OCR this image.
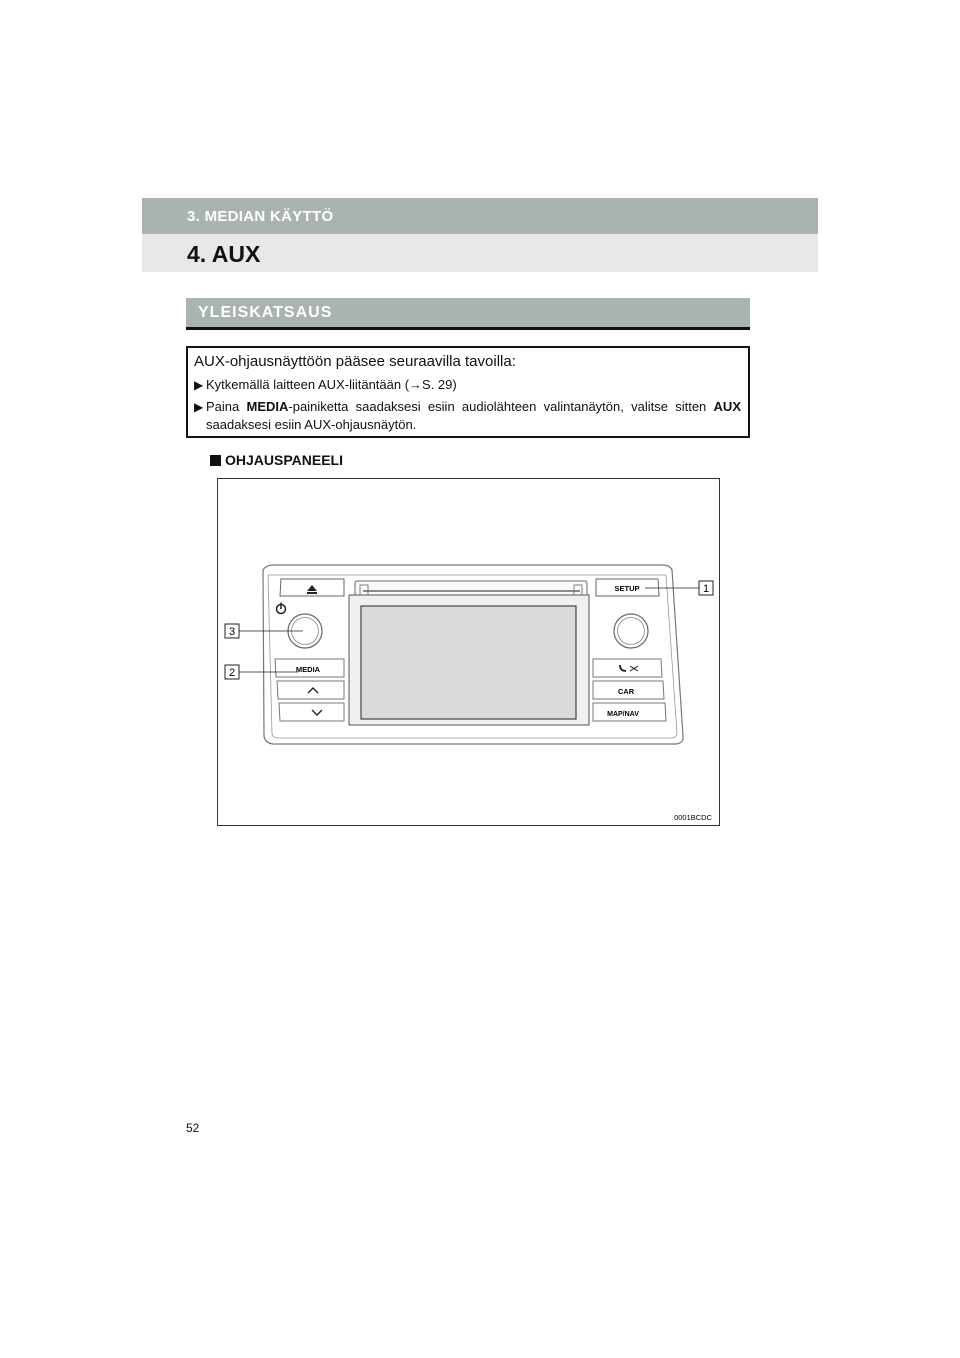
3. MEDIAN KÄYTTÖ
4. AUX
YLEISKATSAUS
AUX-ohjausnäyttöön pääsee seuraavilla tavoilla:
▶ Kytkemällä laitteen AUX-liitäntään (→S. 29)
▶ Paina MEDIA-painiketta saadaksesi esiin audiolähteen valintanäytön, valitse sitten AUX saadaksesi esiin AUX-ohjausnäytön.
OHJAUSPANEELI
MEDIA
SETUP
CAR
MAP/NAV
1
3
2
0001BCDC
52
